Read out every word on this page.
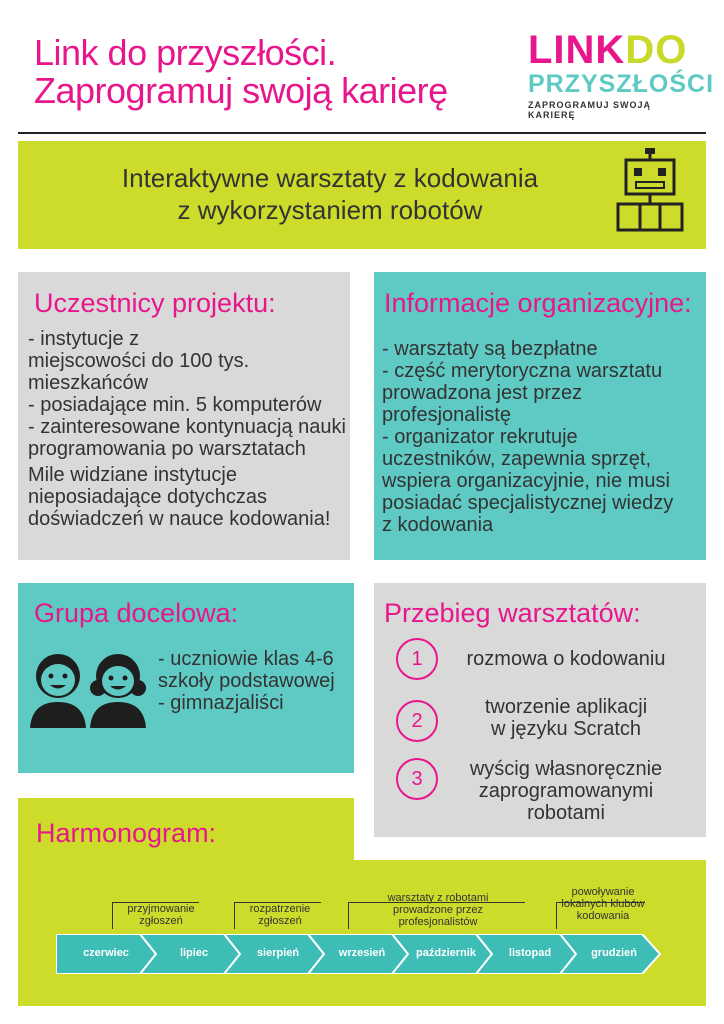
Link do przyszłości.
Zaprogramuj swoją karierę
LINKDO
PRZYSZŁOŚCI
ZAPROGRAMUJ SWOJĄ KARIERĘ
Interaktywne warsztaty z kodowania
z wykorzystaniem robotów
Uczestnicy projektu:
- instytucje z
miejscowości do 100 tys.
mieszkańców
- posiadające min. 5 komputerów
- zainteresowane kontynuacją nauki
programowania po warsztatach
Mile widziane instytucje
nieposiadające dotychczas
doświadczeń w nauce kodowania!
Informacje organizacyjne:
- warsztaty są bezpłatne
- część merytoryczna warsztatu
prowadzona jest przez
profesjonalistę
- organizator rekrutuje
uczestników, zapewnia sprzęt,
wspiera organizacyjnie, nie musi
posiadać specjalistycznej wiedzy
z kodowania
Grupa docelowa:
- uczniowie klas 4-6
szkoły podstawowej
- gimnazjaliści
Przebieg warsztatów:
1	rozmowa o kodowaniu
2
tworzenie aplikacji
w języku Scratch
3	wyścig własnoręcznie
zaprogramowanymi
robotami
Harmonogram:
przyjmowanie
zgłoszeń
rozpatrzenie
zgłoszeń
warsztaty z robotami
prowadzone przez
profesjonalistów
powoływanie
lokalnych klubów
kodowania
czerwiec	lipiec	sierpień	wrzesień	październik	listopad	grudzień
